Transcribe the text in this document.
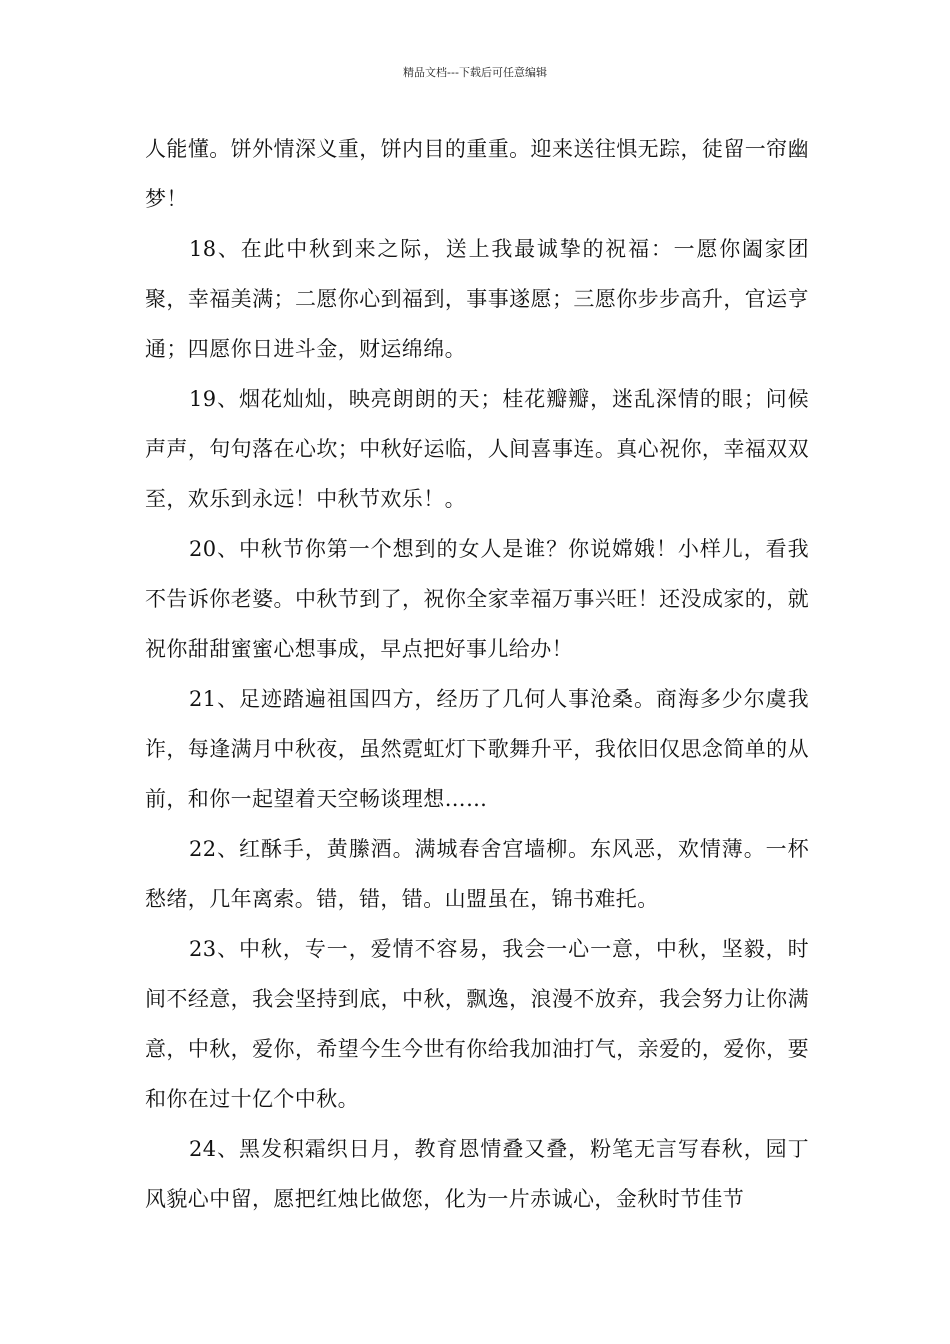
精品文档---下载后可任意编辑

人能懂。饼外情深义重，饼内目的重重。迎来送往惧无踪，徒留一帘幽梦！

18、在此中秋到来之际，送上我最诚挚的祝福：一愿你阖家团聚，幸福美满；二愿你心到福到，事事遂愿；三愿你步步高升，官运亨通；四愿你日进斗金，财运绵绵。

19、烟花灿灿，映亮朗朗的天；桂花瓣瓣，迷乱深情的眼；问候声声，句句落在心坎；中秋好运临，人间喜事连。真心祝你，幸福双双至，欢乐到永远！中秋节欢乐！。

20、中秋节你第一个想到的女人是谁？你说嫦娥！小样儿，看我不告诉你老婆。中秋节到了，祝你全家幸福万事兴旺！还没成家的，就祝你甜甜蜜蜜心想事成，早点把好事儿给办！

21、足迹踏遍祖国四方，经历了几何人事沧桑。商海多少尔虞我诈，每逢满月中秋夜，虽然霓虹灯下歌舞升平，我依旧仅思念简单的从前，和你一起望着天空畅谈理想……

22、红酥手，黄縢酒。满城春舍宫墙柳。东风恶，欢情薄。一杯愁绪，几年离索。错，错，错。山盟虽在，锦书难托。

23、中秋，专一，爱情不容易，我会一心一意，中秋，坚毅，时间不经意，我会坚持到底，中秋，飘逸，浪漫不放弃，我会努力让你满意，中秋，爱你，希望今生今世有你给我加油打气，亲爱的，爱你，要和你在过十亿个中秋。

24、黑发积霜织日月，教育恩情叠又叠，粉笔无言写春秋，园丁风貌心中留，愿把红烛比做您，化为一片赤诚心，金秋时节佳节
